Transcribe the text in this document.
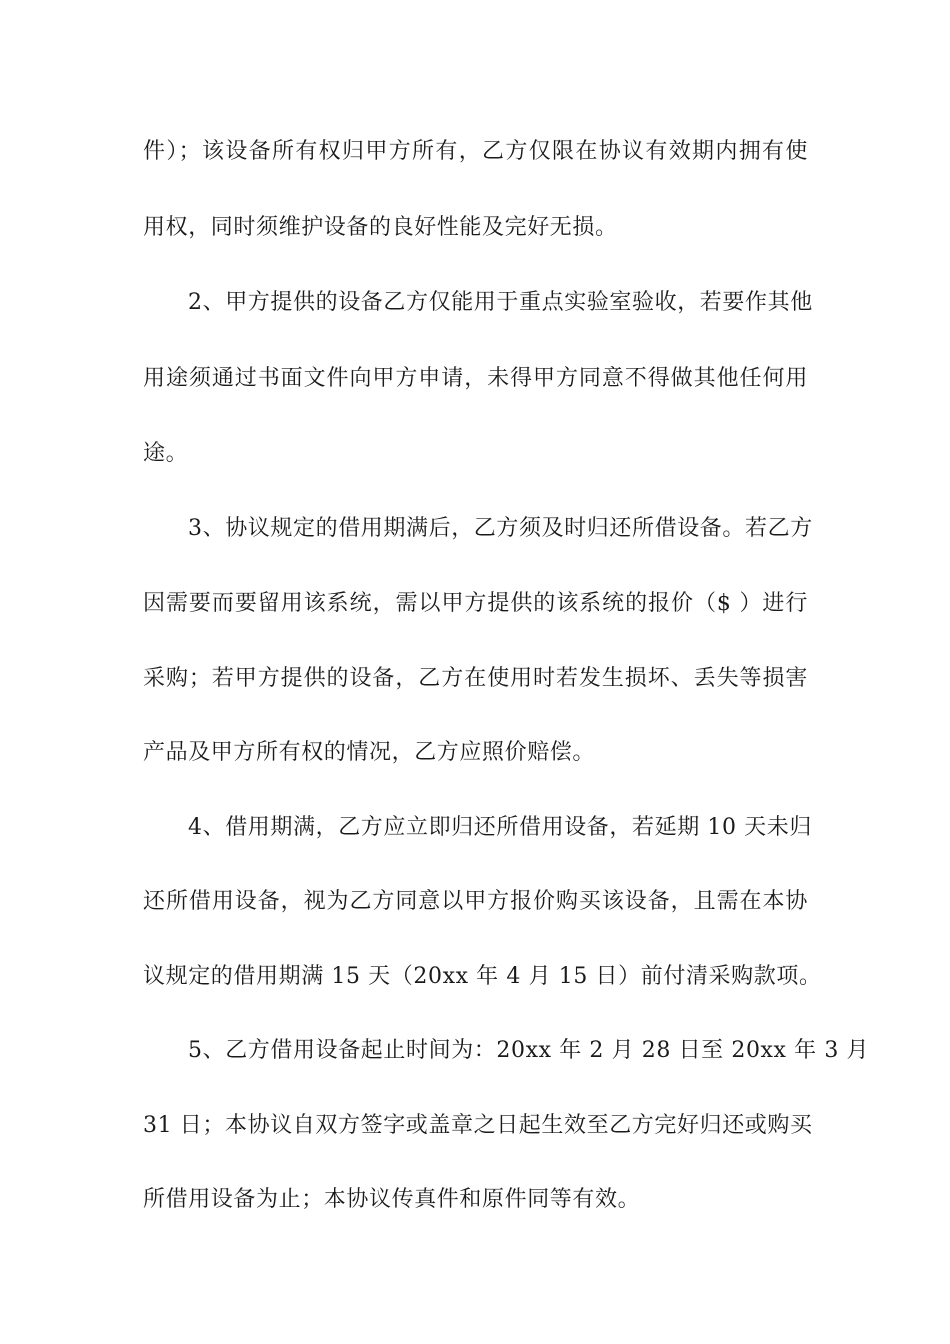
件）；该设备所有权归甲方所有，乙方仅限在协议有效期内拥有使
用权，同时须维护设备的良好性能及完好无损。
2、甲方提供的设备乙方仅能用于重点实验室验收，若要作其他
用途须通过书面文件向甲方申请，未得甲方同意不得做其他任何用
途。
3、协议规定的借用期满后，乙方须及时归还所借设备。若乙方
因需要而要留用该系统，需以甲方提供的该系统的报价（$ ）进行
采购；若甲方提供的设备，乙方在使用时若发生损坏、丢失等损害
产品及甲方所有权的情况，乙方应照价赔偿。
4、借用期满，乙方应立即归还所借用设备，若延期 10 天未归
还所借用设备，视为乙方同意以甲方报价购买该设备，且需在本协
议规定的借用期满 15 天（20xx 年 4 月 15 日）前付清采购款项。
5、乙方借用设备起止时间为：20xx 年 2 月 28 日至 20xx 年 3 月
31 日；本协议自双方签字或盖章之日起生效至乙方完好归还或购买
所借用设备为止；本协议传真件和原件同等有效。
